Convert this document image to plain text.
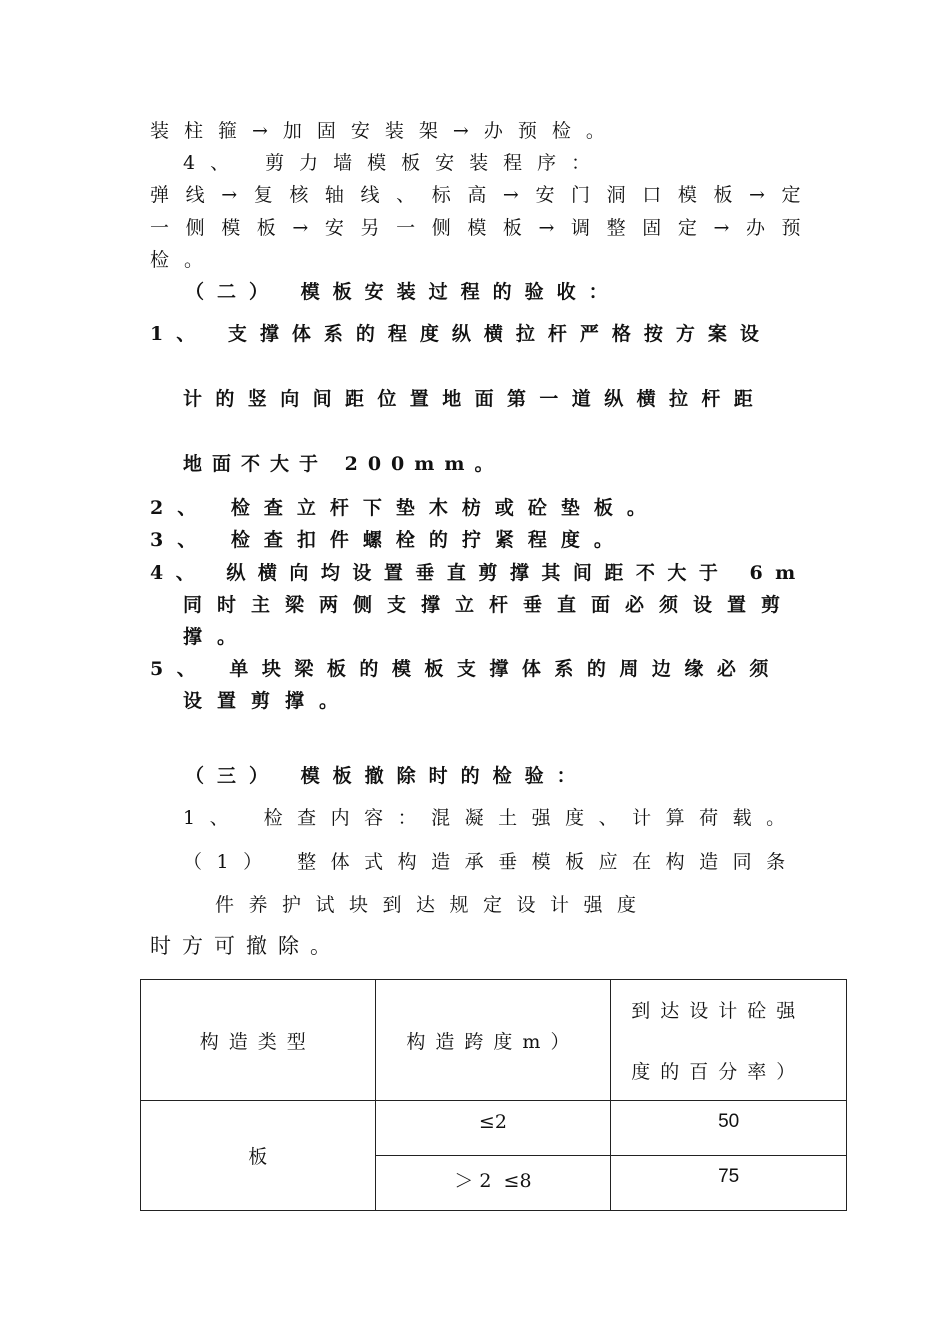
装柱箍→加固安装架→办预检。
4、 剪力墙模板安装程序：
弹线→复核轴线、标高→安门洞口模板→定
一侧模板→安另一侧模板→调整固定→办预
检。
（二） 模板安装过程的验收：
1、 支撑体系的程度纵横拉杆严格按方案设
计的竖向间距位置地面第一道纵横拉杆距
地面不大于 200mm。
2、 检查立杆下垫木枋或砼垫板。
3、 检查扣件螺栓的拧紧程度。
4、 纵横向均设置垂直剪撑其间距不大于 6m
同时主梁两侧支撑立杆垂直面必须设置剪
撑。
5、 单块梁板的模板支撑体系的周边缘必须
设置剪撑。
（三） 模板撤除时的检验：
1、 检查内容：混凝土强度、计算荷载。
（1） 整体式构造承垂模板应在构造同条
件养护试块到达规定设计强度
时方可撤除。
构造类型	构造跨度m）	到达设计砼强
度的百分率）

板	≤2	50
	＞ 2  ≤8	75
